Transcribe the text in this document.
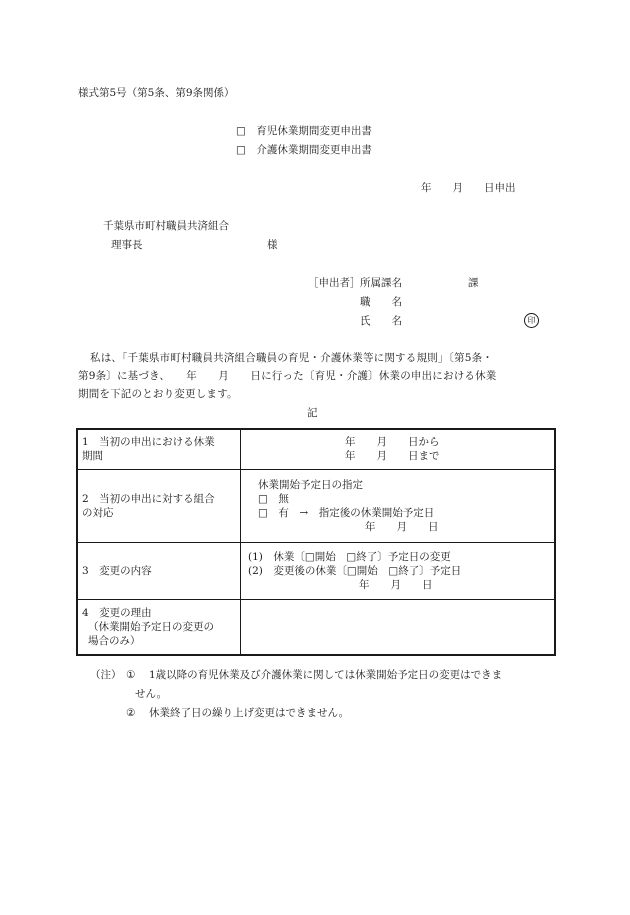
様式第5号（第5条、第9条関係）
□　育児休業期間変更申出書
□　介護休業期間変更申出書
年　　月　　日申出
千葉県市町村職員共済組合
理事長	様
［申出者］ 所属課名	課
職　　名
氏　　名	印
私は、「千葉県市町村職員共済組合職員の育児・介護休業等に関する規則」〔第5条・
第9条〕に基づき、　　年　　月　　日に行った〔育児・介護〕休業の申出における休業
期間を下記のとおり変更します。
記
1　当初の申出における休業
期間	年　　月　　日から
年　　月　　日まで

2　当初の申出に対する組合
の対応	休業開始予定日の指定
□　無
□　有　→　指定後の休業開始予定日
年　　月　　日

3　変更の内容	(1)　休業〔□開始　□終了〕予定日の変更
(2)　変更後の休業〔□開始　□終了〕予定日
年　　月　　日

4　変更の理由
（休業開始予定日の変更の
場合のみ）	

（注） ① 1歳以降の育児休業及び介護休業に関しては休業開始予定日の変更はできま
せん。
② 休業終了日の繰り上げ変更はできません。
